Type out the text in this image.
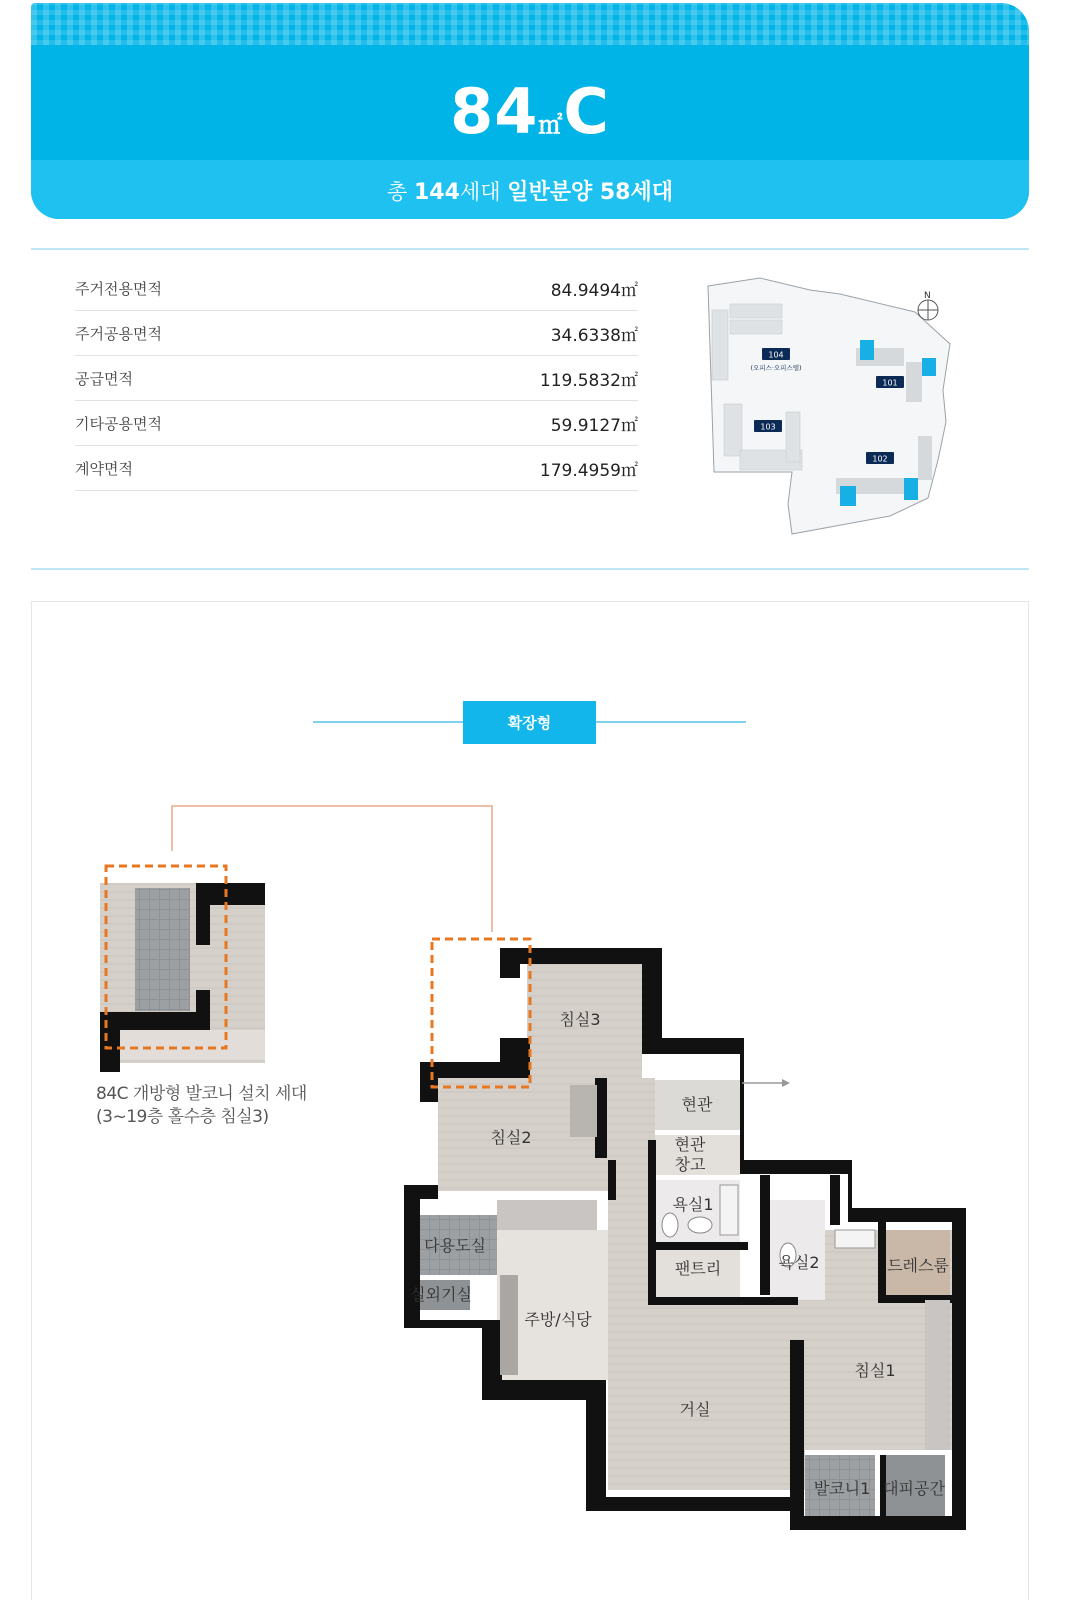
84㎡C
총 144세대 일반분양 58세대
주거전용면적	84.9494㎡
주거공용면적	34.6338㎡
공급면적	119.5832㎡
기타공용면적	59.9127㎡
계약면적	179.4959㎡
101
102
103
104
(오피스·오피스텔)
N
확장형
84C 개방형 발코니 설치 세대
(3~19층 홀수층 침실3)
침실3
침실2
현관
현관
창고
욕실1
욕실2	드레스룸
다용도실
실외기실
주방/식당
팬트리
거실
침실1
발코니1 대피공간
